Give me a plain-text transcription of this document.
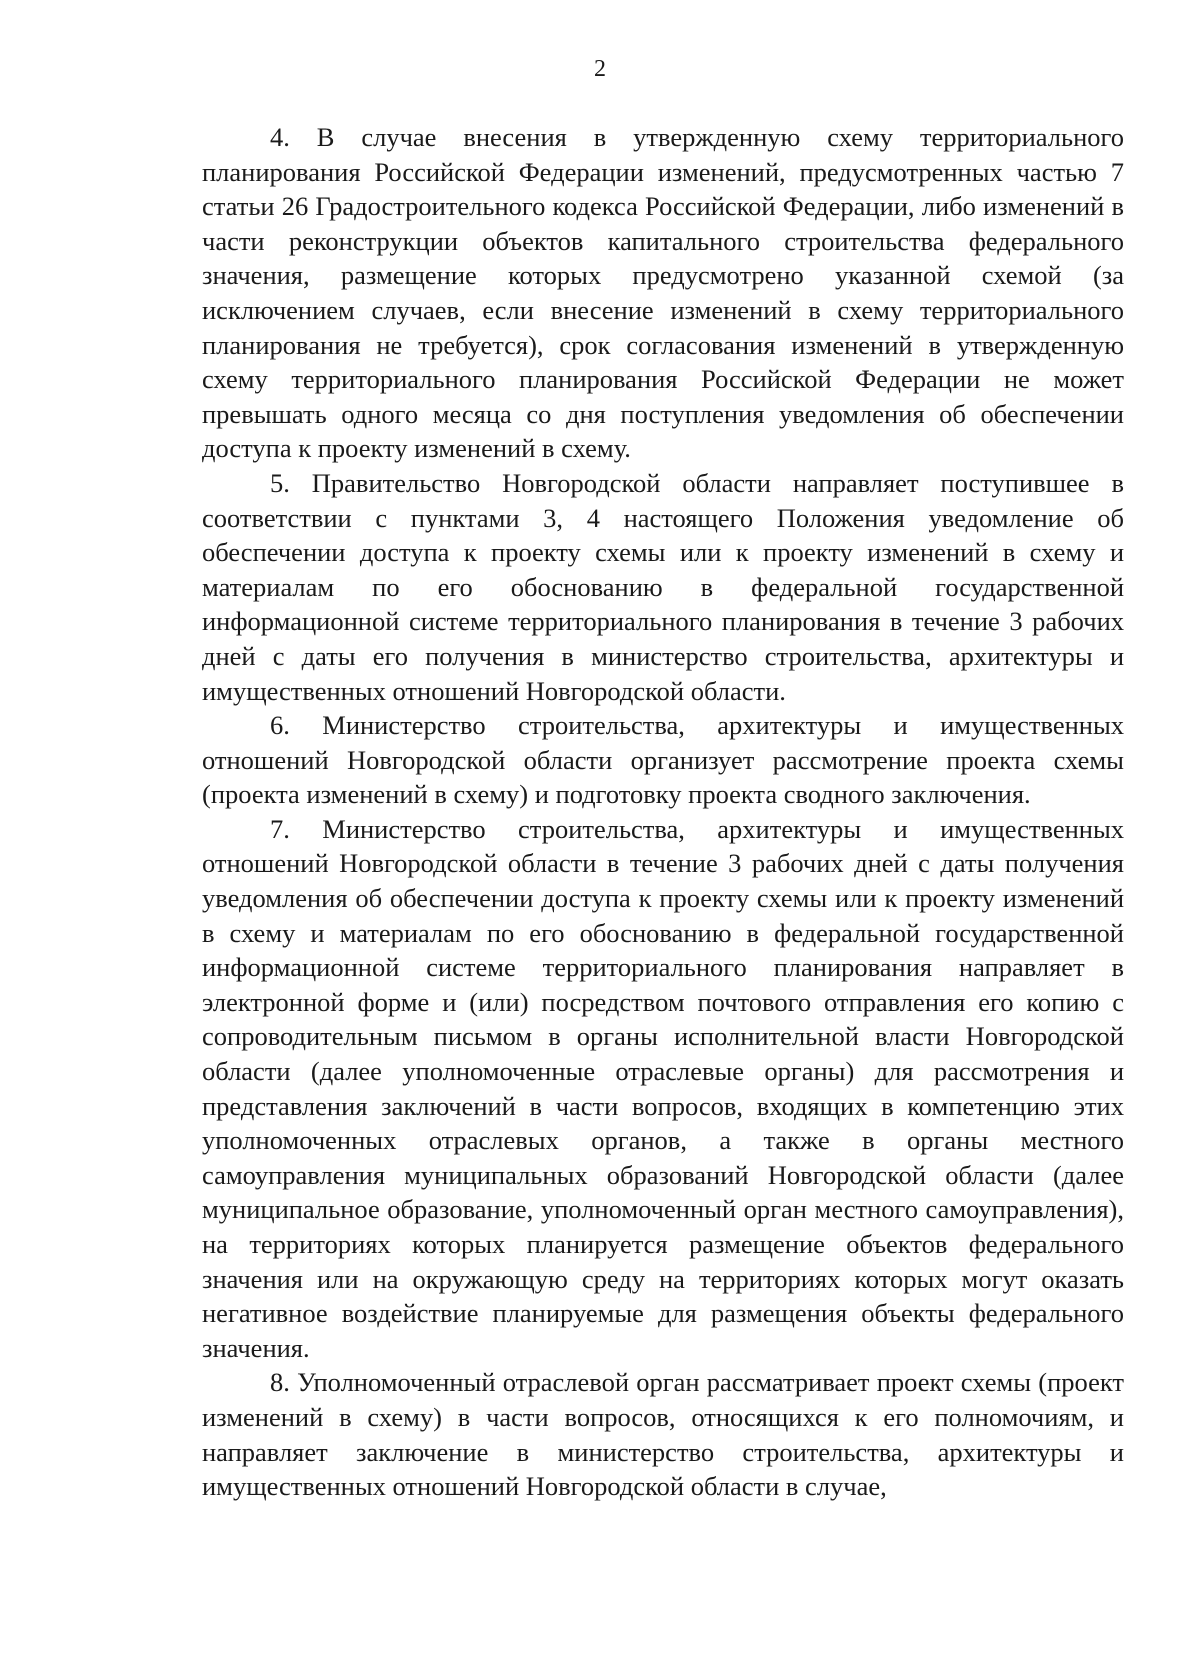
2

4. В случае внесения в утвержденную схему территориального планирования Российской Федерации изменений, предусмотренных частью 7 статьи 26 Градостроительного кодекса Российской Федерации, либо изменений в части реконструкции объектов капитального строительства федерального значения, размещение которых предусмотрено указанной схемой (за исключением случаев, если внесение изменений в схему территориального планирования не требуется), срок согласования изменений в утвержденную схему территориального планирования Российской Федерации не может превышать одного месяца со дня поступления уведомления об обеспечении доступа к проекту изменений в схему.

5. Правительство Новгородской области направляет поступившее в соответствии с пунктами 3, 4 настоящего Положения уведомление об обеспечении доступа к проекту схемы или к проекту изменений в схему и материалам по его обоснованию в федеральной государственной информационной системе территориального планирования в течение 3 рабочих дней с даты его получения в министерство строительства, архитектуры и имущественных отношений Новгородской области.

6. Министерство строительства, архитектуры и имущественных отношений Новгородской области организует рассмотрение проекта схемы (проекта изменений в схему) и подготовку проекта сводного заключения.

7. Министерство строительства, архитектуры и имущественных отношений Новгородской области в течение 3 рабочих дней с даты получения уведомления об обеспечении доступа к проекту схемы или к проекту изменений в схему и материалам по его обоснованию в федеральной государственной информационной системе территориального планирования направляет в электронной форме и (или) посредством почтового отправления его копию с сопроводительным письмом в органы исполнительной власти Новгородской области (далее уполномоченные отраслевые органы) для рассмотрения и представления заключений в части вопросов, входящих в компетенцию этих уполномоченных отраслевых органов, а также в органы местного самоуправления муниципальных образований Новгородской области (далее муниципальное образование, уполномоченный орган местного самоуправления), на территориях которых планируется размещение объектов федерального значения или на окружающую среду на территориях которых могут оказать негативное воздействие планируемые для размещения объекты федерального значения.

8. Уполномоченный отраслевой орган рассматривает проект схемы (проект изменений в схему) в части вопросов, относящихся к его полномочиям, и направляет заключение в министерство строительства, архитектуры и имущественных отношений Новгородской области в случае,
